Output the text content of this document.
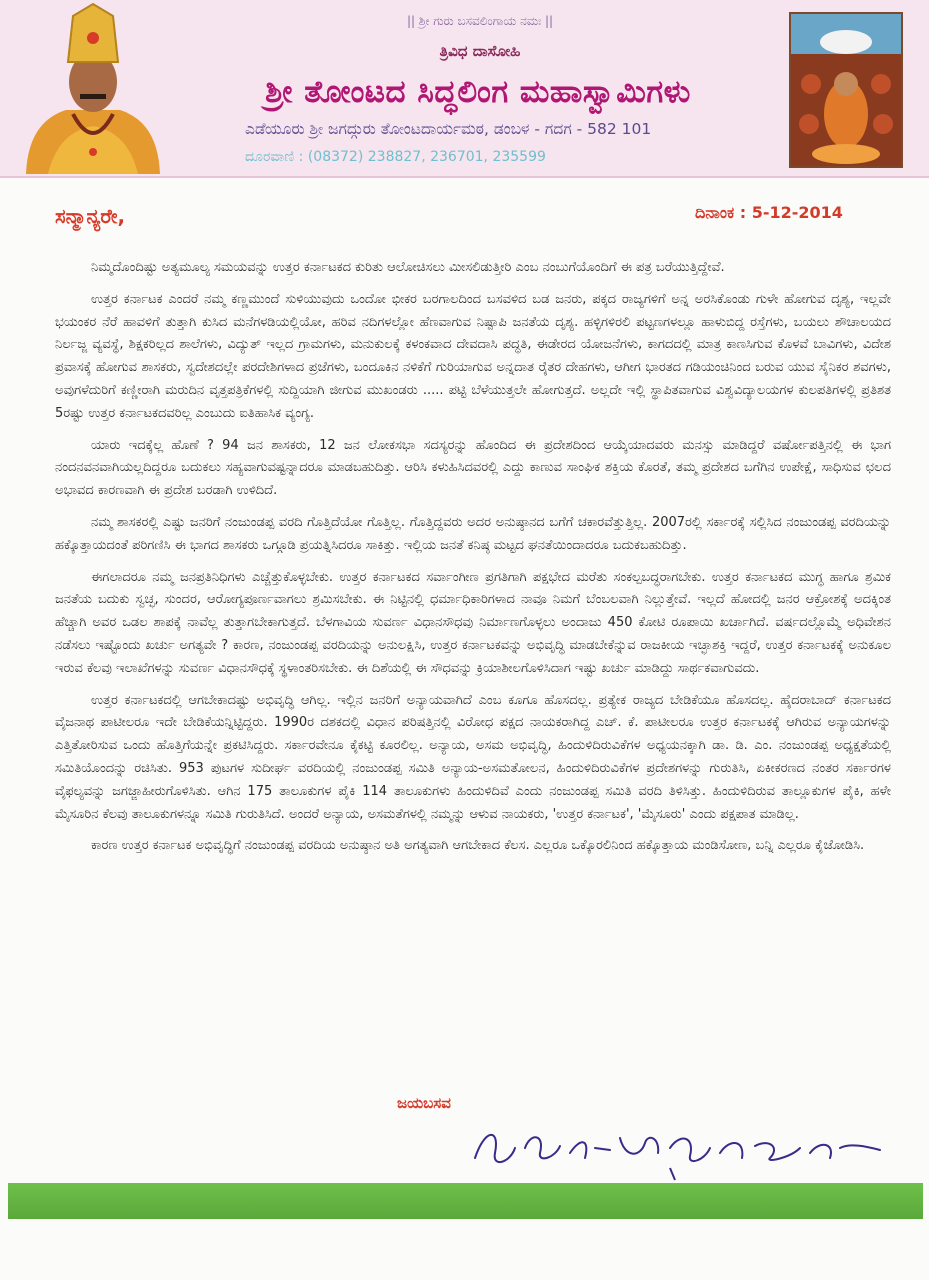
|| ಶ್ರೀ ಗುರು ಬಸವಲಿಂಗಾಯ ನಮಃ ||
ತ್ರಿವಿಧ ದಾಸೋಹಿ
ಶ್ರೀ ತೋಂಟದ ಸಿದ್ಧಲಿಂಗ ಮಹಾಸ್ವಾಮಿಗಳು
ಎಡೆಯೂರು ಶ್ರೀ ಜಗದ್ಗುರು ತೋಂಟದಾರ್ಯಮಠ, ಡಂಬಳ - ಗದಗ - 582 101
ದೂರವಾಣಿ : (08372) 238827, 236701, 235599
ದಿನಾಂಕ : 5-12-2014
ಸನ್ಮಾನ್ಯರೇ,

ನಿಮ್ಮದೊಂದಿಷ್ಟು ಅತ್ಯಮೂಲ್ಯ ಸಮಯವನ್ನು ಉತ್ತರ ಕರ್ನಾಟಕದ ಕುರಿತು ಆಲೋಚಿಸಲು ಮೀಸಲಿಡುತ್ತೀರಿ ಎಂಬ ನಂಬುಗೆಯೊಂದಿಗೆ ಈ ಪತ್ರ ಬರೆಯುತ್ತಿದ್ದೇವೆ.

ಉತ್ತರ ಕರ್ನಾಟಕ ಎಂದರೆ ನಮ್ಮ ಕಣ್ಣಮುಂದೆ ಸುಳಿಯುವುದು ಒಂದೋ ಭೀಕರ ಬರಗಾಲದಿಂದ ಬಸವಳಿದ ಬಡ ಜನರು, ಪಕ್ಕದ ರಾಜ್ಯಗಳಿಗೆ ಅನ್ನ ಅರಸಿಕೊಂಡು ಗುಳೇ ಹೋಗುವ ದೃಶ್ಯ, ಇಲ್ಲವೇ ಭಯಂಕರ ನೆರೆ ಹಾವಳಿಗೆ ತುತ್ತಾಗಿ ಕುಸಿದ ಮನೆಗಳಡಿಯಲ್ಲಿಯೋ, ಹರಿವ ನದಿಗಳಲ್ಲೋ ಹೆಣವಾಗುವ ನಿಷ್ಪಾಪಿ ಜನತೆಯ ದೃಶ್ಯ. ಹಳ್ಳಿಗಳಿರಲಿ ಪಟ್ಟಣಗಳಲ್ಲೂ ಹಾಳುಬಿದ್ದ ರಸ್ತೆಗಳು, ಬಯಲು ಶೌಚಾಲಯದ ನಿರ್ಲಜ್ಜ ವ್ಯವಸ್ಥೆ, ಶಿಕ್ಷಕರಿಲ್ಲದ ಶಾಲೆಗಳು, ವಿದ್ಯುತ್ ಇಲ್ಲದ ಗ್ರಾಮಗಳು, ಮನುಕುಲಕ್ಕೆ ಕಳಂಕವಾದ ದೇವದಾಸಿ ಪದ್ಧತಿ, ಈಡೇರದ ಯೋಜನೆಗಳು, ಕಾಗದದಲ್ಲಿ ಮಾತ್ರ ಕಾಣಸಿಗುವ ಕೊಳವೆ ಬಾವಿಗಳು, ವಿದೇಶ ಪ್ರವಾಸಕ್ಕೆ ಹೋಗುವ ಶಾಸಕರು, ಸ್ವದೇಶದಲ್ಲೇ ಪರದೇಶಿಗಳಾದ ಪ್ರಜೆಗಳು, ಬಂದೂಕಿನ ನಳಿಕೆಗೆ ಗುರಿಯಾಗುವ ಅನ್ನದಾತ ರೈತರ ದೇಹಗಳು, ಆಗೀಗ ಭಾರತದ ಗಡಿಯಂಚಿನಿಂದ ಬರುವ ಯುವ ಸೈನಿಕರ ಶವಗಳು, ಅವುಗಳೆದುರಿಗೆ ಕಣ್ಣೀರಾಗಿ ಮರುದಿನ ವೃತ್ತಪತ್ರಿಕೆಗಳಲ್ಲಿ ಸುದ್ದಿಯಾಗಿ ಜೀಗುವ ಮುಖಂಡರು ..... ಪಟ್ಟಿ ಬೆಳೆಯುತ್ತಲೇ ಹೋಗುತ್ತದೆ. ಅಲ್ಲದೇ ಇಲ್ಲಿ ಸ್ಥಾಪಿತವಾಗುವ ವಿಶ್ವವಿದ್ಯಾಲಯಗಳ ಕುಲಪತಿಗಳಲ್ಲಿ ಪ್ರತಿಶತ 5ರಷ್ಟು ಉತ್ತರ ಕರ್ನಾಟಕದವರಿಲ್ಲ ಎಂಬುದು ಐತಿಹಾಸಿಕ ವ್ಯಂಗ್ಯ.

ಯಾರು ಇದಕ್ಕೆಲ್ಲ ಹೊಣೆ ? 94 ಜನ ಶಾಸಕರು, 12 ಜನ ಲೋಕಸಭಾ ಸದಸ್ಯರನ್ನು ಹೊಂದಿದ ಈ ಪ್ರದೇಶದಿಂದ ಆಯ್ಕೆಯಾದವರು ಮನಸ್ಸು ಮಾಡಿದ್ದರೆ ವರ್ಷೋಪತ್ತಿನಲ್ಲಿ ಈ ಭಾಗ ನಂದನವನವಾಗಿಯಲ್ಲದಿದ್ದರೂ ಬದುಕಲು ಸಹ್ಯವಾಗುವಷ್ಟನ್ನಾದರೂ ಮಾಡಬಹುದಿತ್ತು. ಆರಿಸಿ ಕಳುಹಿಸಿದವರಲ್ಲಿ ಎದ್ದು ಕಾಣುವ ಸಾಂಘಿಕ ಶಕ್ತಿಯ ಕೊರತೆ, ತಮ್ಮ ಪ್ರದೇಶದ ಬಗೆಗಿನ ಉಪೇಕ್ಷೆ, ಸಾಧಿಸುವ ಛಲದ ಅಭಾವದ ಕಾರಣವಾಗಿ ಈ ಪ್ರದೇಶ ಬರಡಾಗಿ ಉಳಿದಿದೆ.

ನಮ್ಮ ಶಾಸಕರಲ್ಲಿ ಎಷ್ಟು ಜನರಿಗೆ ನಂಜುಂಡಪ್ಪ ವರದಿ ಗೊತ್ತಿದೆಯೋ ಗೊತ್ತಿಲ್ಲ. ಗೊತ್ತಿದ್ದವರು ಅದರ ಅನುಷ್ಠಾನದ ಬಗೆಗೆ ಚಕಾರವೆತ್ತುತ್ತಿಲ್ಲ. 2007ರಲ್ಲಿ ಸರ್ಕಾರಕ್ಕೆ ಸಲ್ಲಿಸಿದ ನಂಜುಂಡಪ್ಪ ವರದಿಯನ್ನು ಹಕ್ಕೊತ್ತಾಯದಂತೆ ಪರಿಗಣಿಸಿ ಈ ಭಾಗದ ಶಾಸಕರು ಒಗ್ಗೂಡಿ ಪ್ರಯತ್ನಿಸಿದರೂ ಸಾಕಿತ್ತು. ಇಲ್ಲಿಯ ಜನತೆ ಕನಿಷ್ಠ ಮಟ್ಟದ ಘನತೆಯಿಂದಾದರೂ ಬದುಕಬಹುದಿತ್ತು.

ಈಗಲಾದರೂ ನಮ್ಮ ಜನಪ್ರತಿನಿಧಿಗಳು ಎಚ್ಚೆತ್ತುಕೊಳ್ಳಬೇಕು. ಉತ್ತರ ಕರ್ನಾಟಕದ ಸರ್ವಾಂಗೀಣ ಪ್ರಗತಿಗಾಗಿ ಪಕ್ಷಭೇದ ಮರೆತು ಸಂಕಲ್ಪಬದ್ಧರಾಗಬೇಕು. ಉತ್ತರ ಕರ್ನಾಟಕದ ಮುಗ್ಧ ಹಾಗೂ ಶ್ರಮಿಕ ಜನತೆಯ ಬದುಕು ಸ್ವಚ್ಛ, ಸುಂದರ, ಆರೋಗ್ಯಪೂರ್ಣವಾಗಲು ಶ್ರಮಿಸಬೇಕು. ಈ ನಿಟ್ಟಿನಲ್ಲಿ ಧರ್ಮಾಧಿಕಾರಿಗಳಾದ ನಾವೂ ನಿಮಗೆ ಬೆಂಬಲವಾಗಿ ನಿಲ್ಲುತ್ತೇವೆ. ಇಲ್ಲದೆ ಹೋದಲ್ಲಿ ಜನರ ಆಕ್ರೋಶಕ್ಕೆ ಅದಕ್ಕಿಂತ ಹೆಚ್ಚಾಗಿ ಅವರ ಒಡಲ ಶಾಪಕ್ಕೆ ನಾವೆಲ್ಲ ತುತ್ತಾಗಬೇಕಾಗುತ್ತದೆ. ಬೆಳಗಾವಿಯ ಸುವರ್ಣ ವಿಧಾನಸೌಧವು ನಿರ್ಮಾಣಗೊಳ್ಳಲು ಅಂದಾಜು 450 ಕೋಟಿ ರೂಪಾಯಿ ಖರ್ಚಾಗಿದೆ. ವರ್ಷದಲ್ಲೊಮ್ಮೆ ಅಧಿವೇಶನ ನಡೆಸಲು ಇಷ್ಟೊಂದು ಖರ್ಚು ಅಗತ್ಯವೇ ? ಕಾರಣ, ನಂಜುಂಡಪ್ಪ ವರದಿಯನ್ನು ಅನುಲಕ್ಷಿಸಿ, ಉತ್ತರ ಕರ್ನಾಟಕವನ್ನು ಅಭಿವೃದ್ಧಿ ಮಾಡಬೇಕೆನ್ನುವ ರಾಜಕೀಯ ಇಚ್ಛಾಶಕ್ತಿ ಇದ್ದರೆ, ಉತ್ತರ ಕರ್ನಾಟಕಕ್ಕೆ ಅನುಕೂಲ ಇರುವ ಕೆಲವು ಇಲಾಖೆಗಳನ್ನು ಸುವರ್ಣ ವಿಧಾನಸೌಧಕ್ಕೆ ಸ್ಥಳಾಂತರಿಸಬೇಕು. ಈ ದಿಶೆಯಲ್ಲಿ ಈ ಸೌಧವನ್ನು ಕ್ರಿಯಾಶೀಲಗೊಳಿಸಿದಾಗ ಇಷ್ಟು ಖರ್ಚು ಮಾಡಿದ್ದು ಸಾರ್ಥಕವಾಗುವದು.

ಉತ್ತರ ಕರ್ನಾಟಕದಲ್ಲಿ ಆಗಬೇಕಾದಷ್ಟು ಅಭಿವೃದ್ಧಿ ಆಗಿಲ್ಲ. ಇಲ್ಲಿನ ಜನರಿಗೆ ಅನ್ಯಾಯವಾಗಿದೆ ಎಂಬ ಕೂಗೂ ಹೊಸದಲ್ಲ. ಪ್ರತ್ಯೇಕ ರಾಜ್ಯದ ಬೇಡಿಕೆಯೂ ಹೊಸದಲ್ಲ. ಹೈದರಾಬಾದ್ ಕರ್ನಾಟಕದ ವೈಜನಾಥ ಪಾಟೀಲರೂ ಇದೇ ಬೇಡಿಕೆಯನ್ನಿಟ್ಟಿದ್ದರು. 1990ರ ದಶಕದಲ್ಲಿ ವಿಧಾನ ಪರಿಷತ್ತಿನಲ್ಲಿ ವಿರೋಧ ಪಕ್ಷದ ನಾಯಕರಾಗಿದ್ದ ಎಚ್. ಕೆ. ಪಾಟೀಲರೂ ಉತ್ತರ ಕರ್ನಾಟಕಕ್ಕೆ ಆಗಿರುವ ಅನ್ಯಾಯಗಳನ್ನು ಎತ್ತಿತೋರಿಸುವ ಒಂದು ಹೊತ್ತಿಗೆಯನ್ನೇ ಪ್ರಕಟಿಸಿದ್ದರು. ಸರ್ಕಾರವೇನೂ ಕೈಕಟ್ಟಿ ಕೂರಲಿಲ್ಲ. ಅನ್ಯಾಯ, ಅಸಮ ಅಭಿವೃದ್ಧಿ, ಹಿಂದುಳಿದಿರುವಿಕೆಗಳ ಅಧ್ಯಯನಕ್ಕಾಗಿ ಡಾ. ಡಿ. ಎಂ. ನಂಜುಂಡಪ್ಪ ಅಧ್ಯಕ್ಷತೆಯಲ್ಲಿ ಸಮಿತಿಯೊಂದನ್ನು ರಚಿಸಿತು. 953 ಪುಟಗಳ ಸುದೀರ್ಘ ವರದಿಯಲ್ಲಿ ನಂಜುಂಡಪ್ಪ ಸಮಿತಿ ಅನ್ಯಾಯ-ಅಸಮತೋಲನ, ಹಿಂದುಳಿದಿರುವಿಕೆಗಳ ಪ್ರದೇಶಗಳನ್ನು ಗುರುತಿಸಿ, ಏಕೀಕರಣದ ನಂತರ ಸರ್ಕಾರಗಳ ವೈಫಲ್ಯವನ್ನು ಜಗಜ್ಜಾಹೀರುಗೊಳಿಸಿತು. ಆಗಿನ 175 ತಾಲೂಕುಗಳ ಪೈಕಿ 114 ತಾಲೂಕುಗಳು ಹಿಂದುಳಿದಿವೆ ಎಂದು ನಂಜುಂಡಪ್ಪ ಸಮಿತಿ ವರದಿ ತಿಳಿಸಿತ್ತು. ಹಿಂದುಳಿದಿರುವ ತಾಲ್ಲೂಕುಗಳ ಪೈಕಿ, ಹಳೇ ಮೈಸೂರಿನ ಕೆಲವು ತಾಲೂಕುಗಳನ್ನೂ ಸಮಿತಿ ಗುರುತಿಸಿದೆ. ಅಂದರೆ ಅನ್ಯಾಯ, ಅಸಮತೆಗಳಲ್ಲಿ ನಮ್ಮನ್ನು ಆಳುವ ನಾಯಕರು, 'ಉತ್ತರ ಕರ್ನಾಟಕ', 'ಮೈಸೂರು' ಎಂದು ಪಕ್ಷಪಾತ ಮಾಡಿಲ್ಲ.

ಕಾರಣ ಉತ್ತರ ಕರ್ನಾಟಕ ಅಭಿವೃದ್ಧಿಗೆ ನಂಜುಂಡಪ್ಪ ವರದಿಯ ಅನುಷ್ಠಾನ ಅತಿ ಅಗತ್ಯವಾಗಿ ಆಗಬೇಕಾದ ಕೆಲಸ. ಎಲ್ಲರೂ ಒಕ್ಕೊರಲಿನಿಂದ ಹಕ್ಕೊತ್ತಾಯ ಮಂಡಿಸೋಣ, ಬನ್ನಿ ಎಲ್ಲರೂ ಕೈಜೋಡಿಸಿ.

ಜಯಬಸವ
